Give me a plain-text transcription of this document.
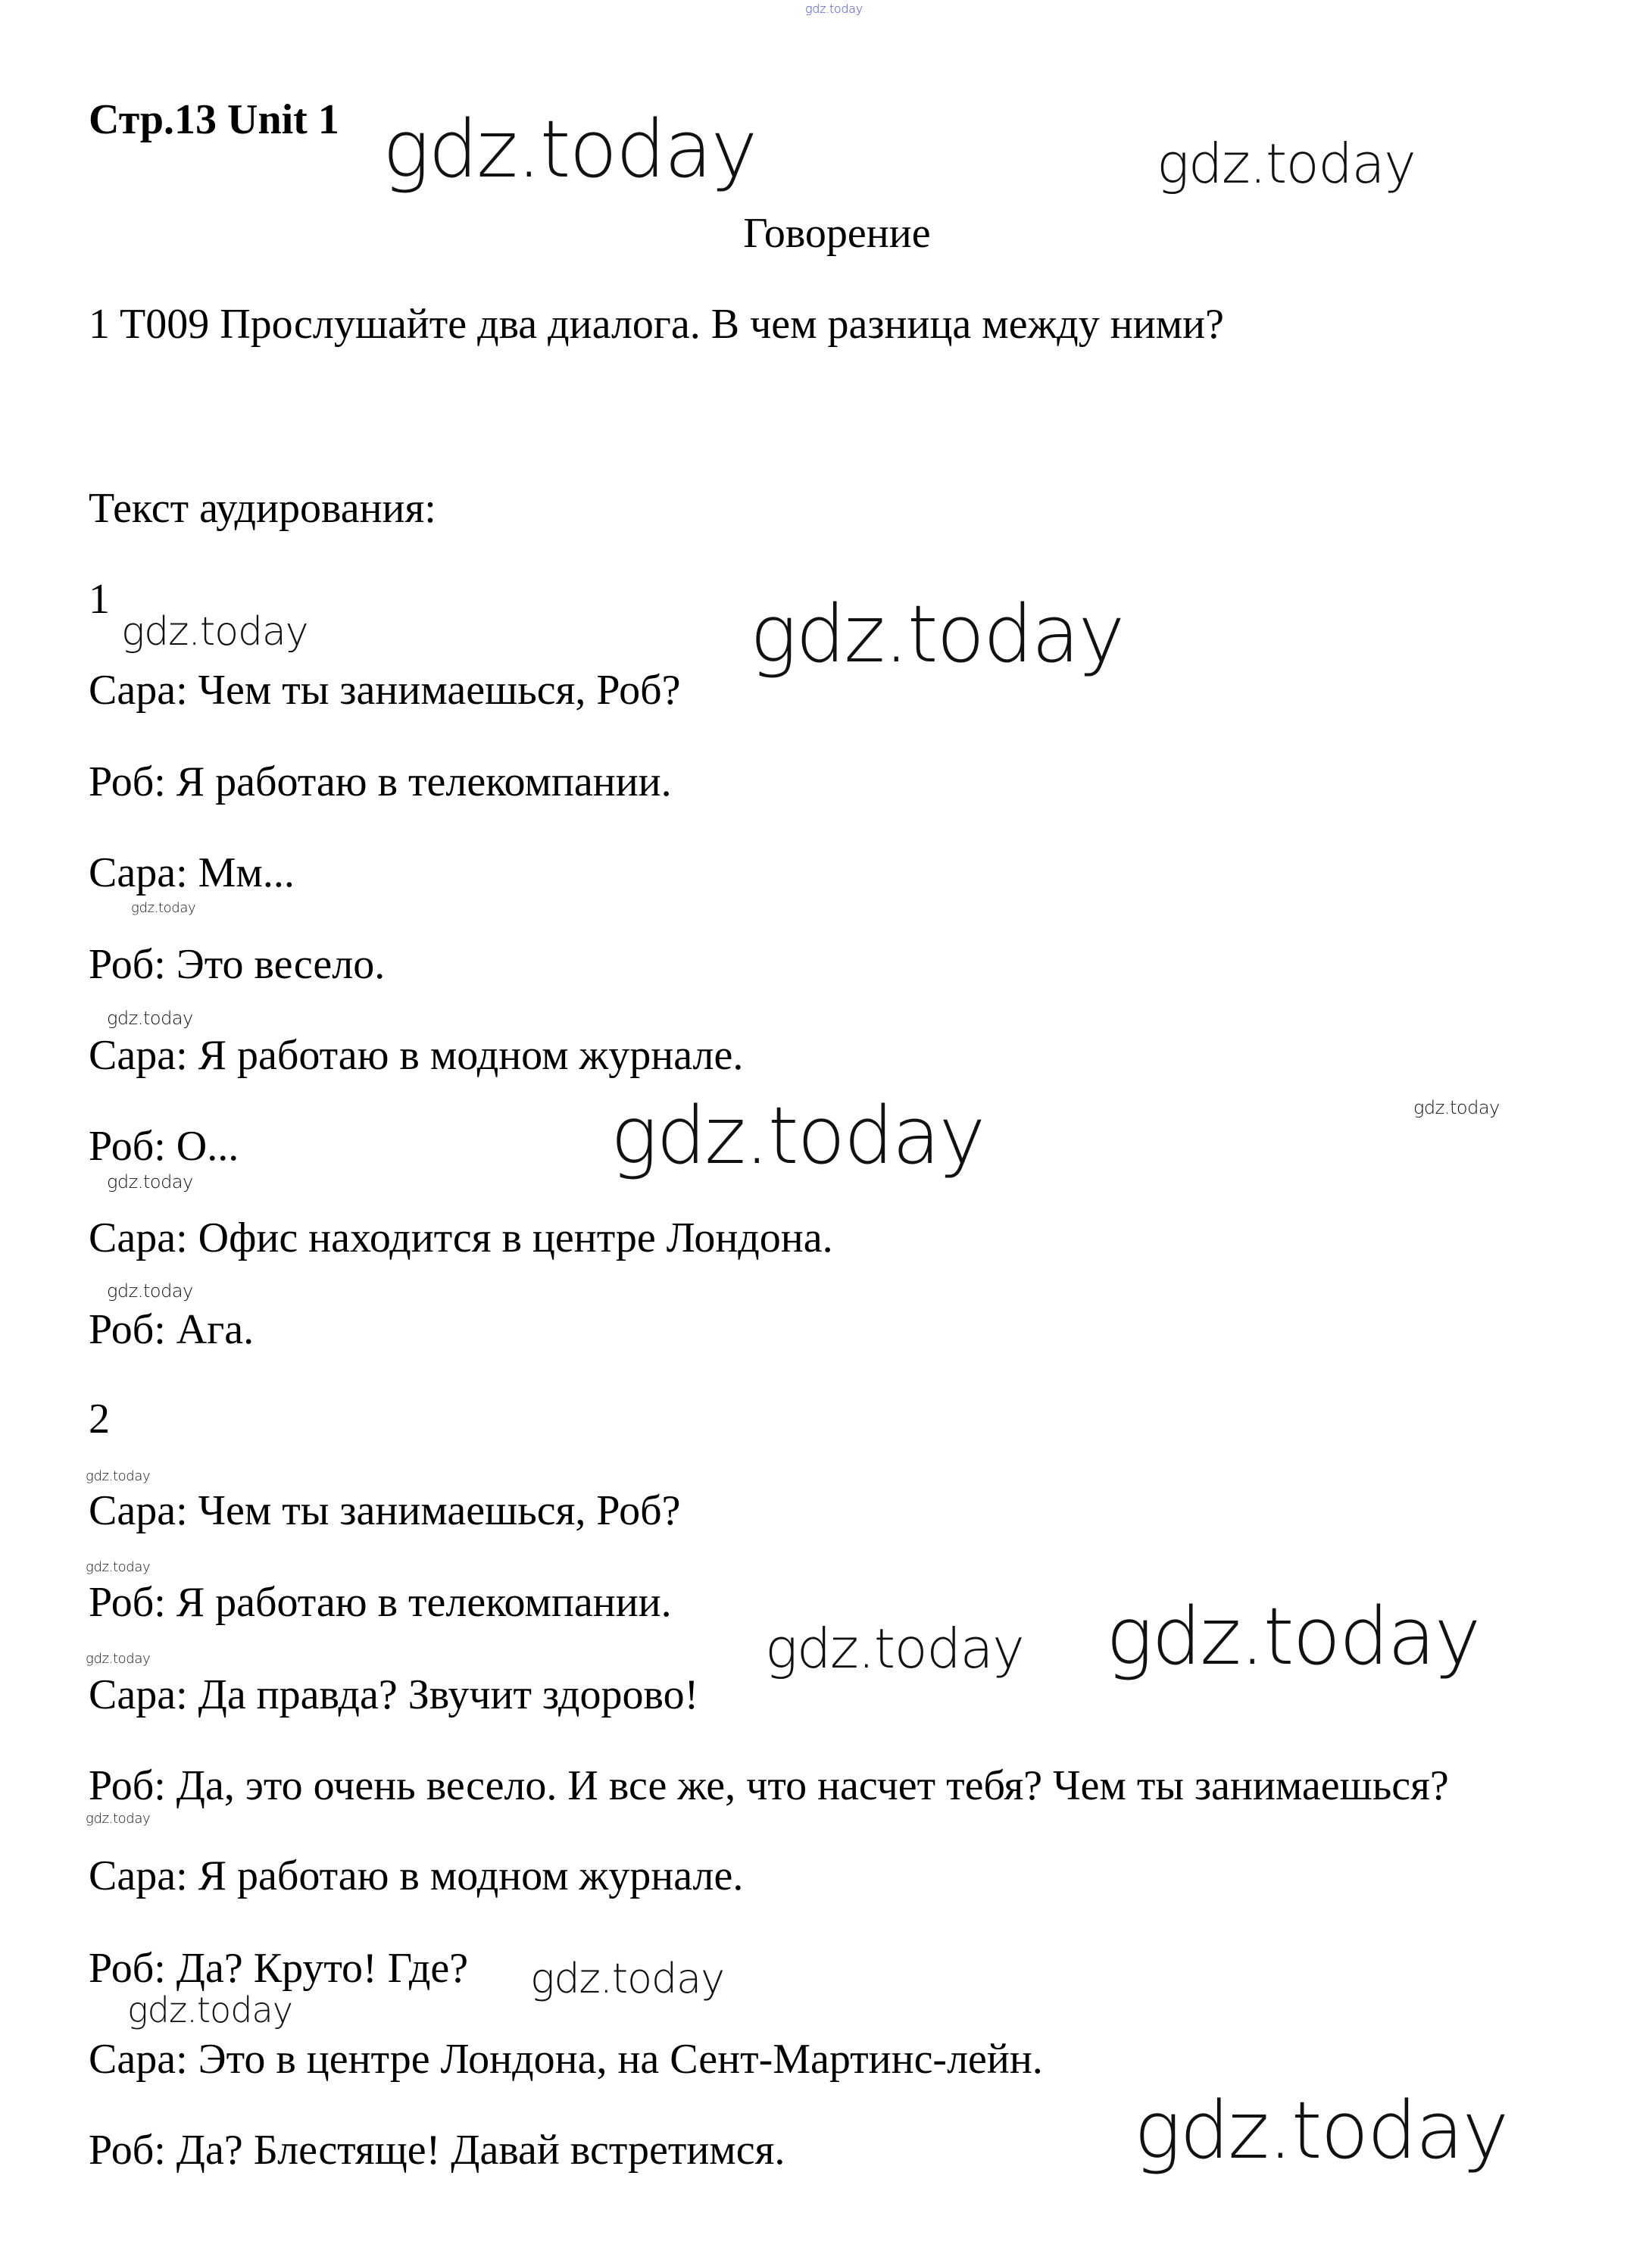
Стр.13 Unit 1
Говорение
1 T009 Прослушайте два диалога. В чем разница между ними?
Текст аудирования:
1
Сара: Чем ты занимаешься, Роб?
Роб: Я работаю в телекомпании.
Сара: Мм...
Роб: Это весело.
Сара: Я работаю в модном журнале.
Роб: О...
Сара: Офис находится в центре Лондона.
Роб: Ага.
2
Сара: Чем ты занимаешься, Роб?
Роб: Я работаю в телекомпании.
Сара: Да правда? Звучит здорово!
Роб: Да, это очень весело. И все же, что насчет тебя? Чем ты занимаешься?
Сара: Я работаю в модном журнале.
Роб: Да? Круто! Где?
Сара: Это в центре Лондона, на Сент-Мартинс-лейн.
Роб: Да? Блестяще! Давай встретимся.
gdz.today
gdz.today	gdz.today
gdz.today	gdz.today
gdz.today
gdz.today
gdz.today	gdz.today
gdz.today
gdz.today
gdz.today
gdz.today
gdz.today gdz.today
gdz.today
gdz.today
gdz.today
gdz.today
gdz.today
